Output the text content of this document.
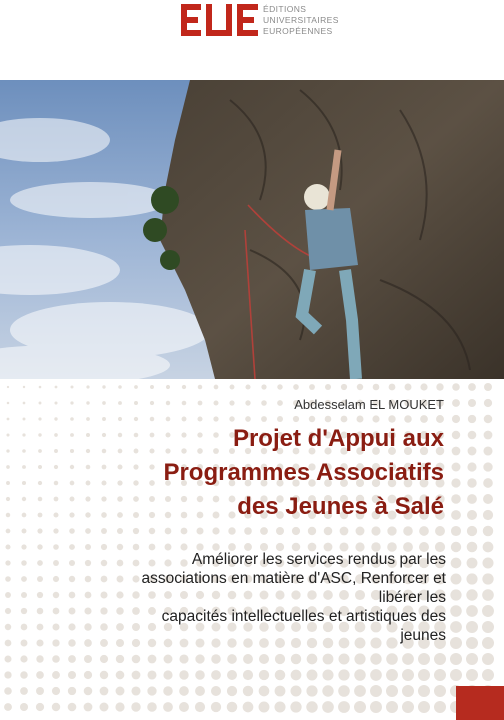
ÉDITIONS
UNIVERSITAIRES
EUROPÉENNES
Abdesselam EL MOUKET
Projet d'Appui aux
Programmes Associatifs
des Jeunes à Salé
Améliorer les services rendus par les
associations en matière d'ASC, Renforcer et
libérer les
capacités intellectuelles et artistiques des
jeunes
